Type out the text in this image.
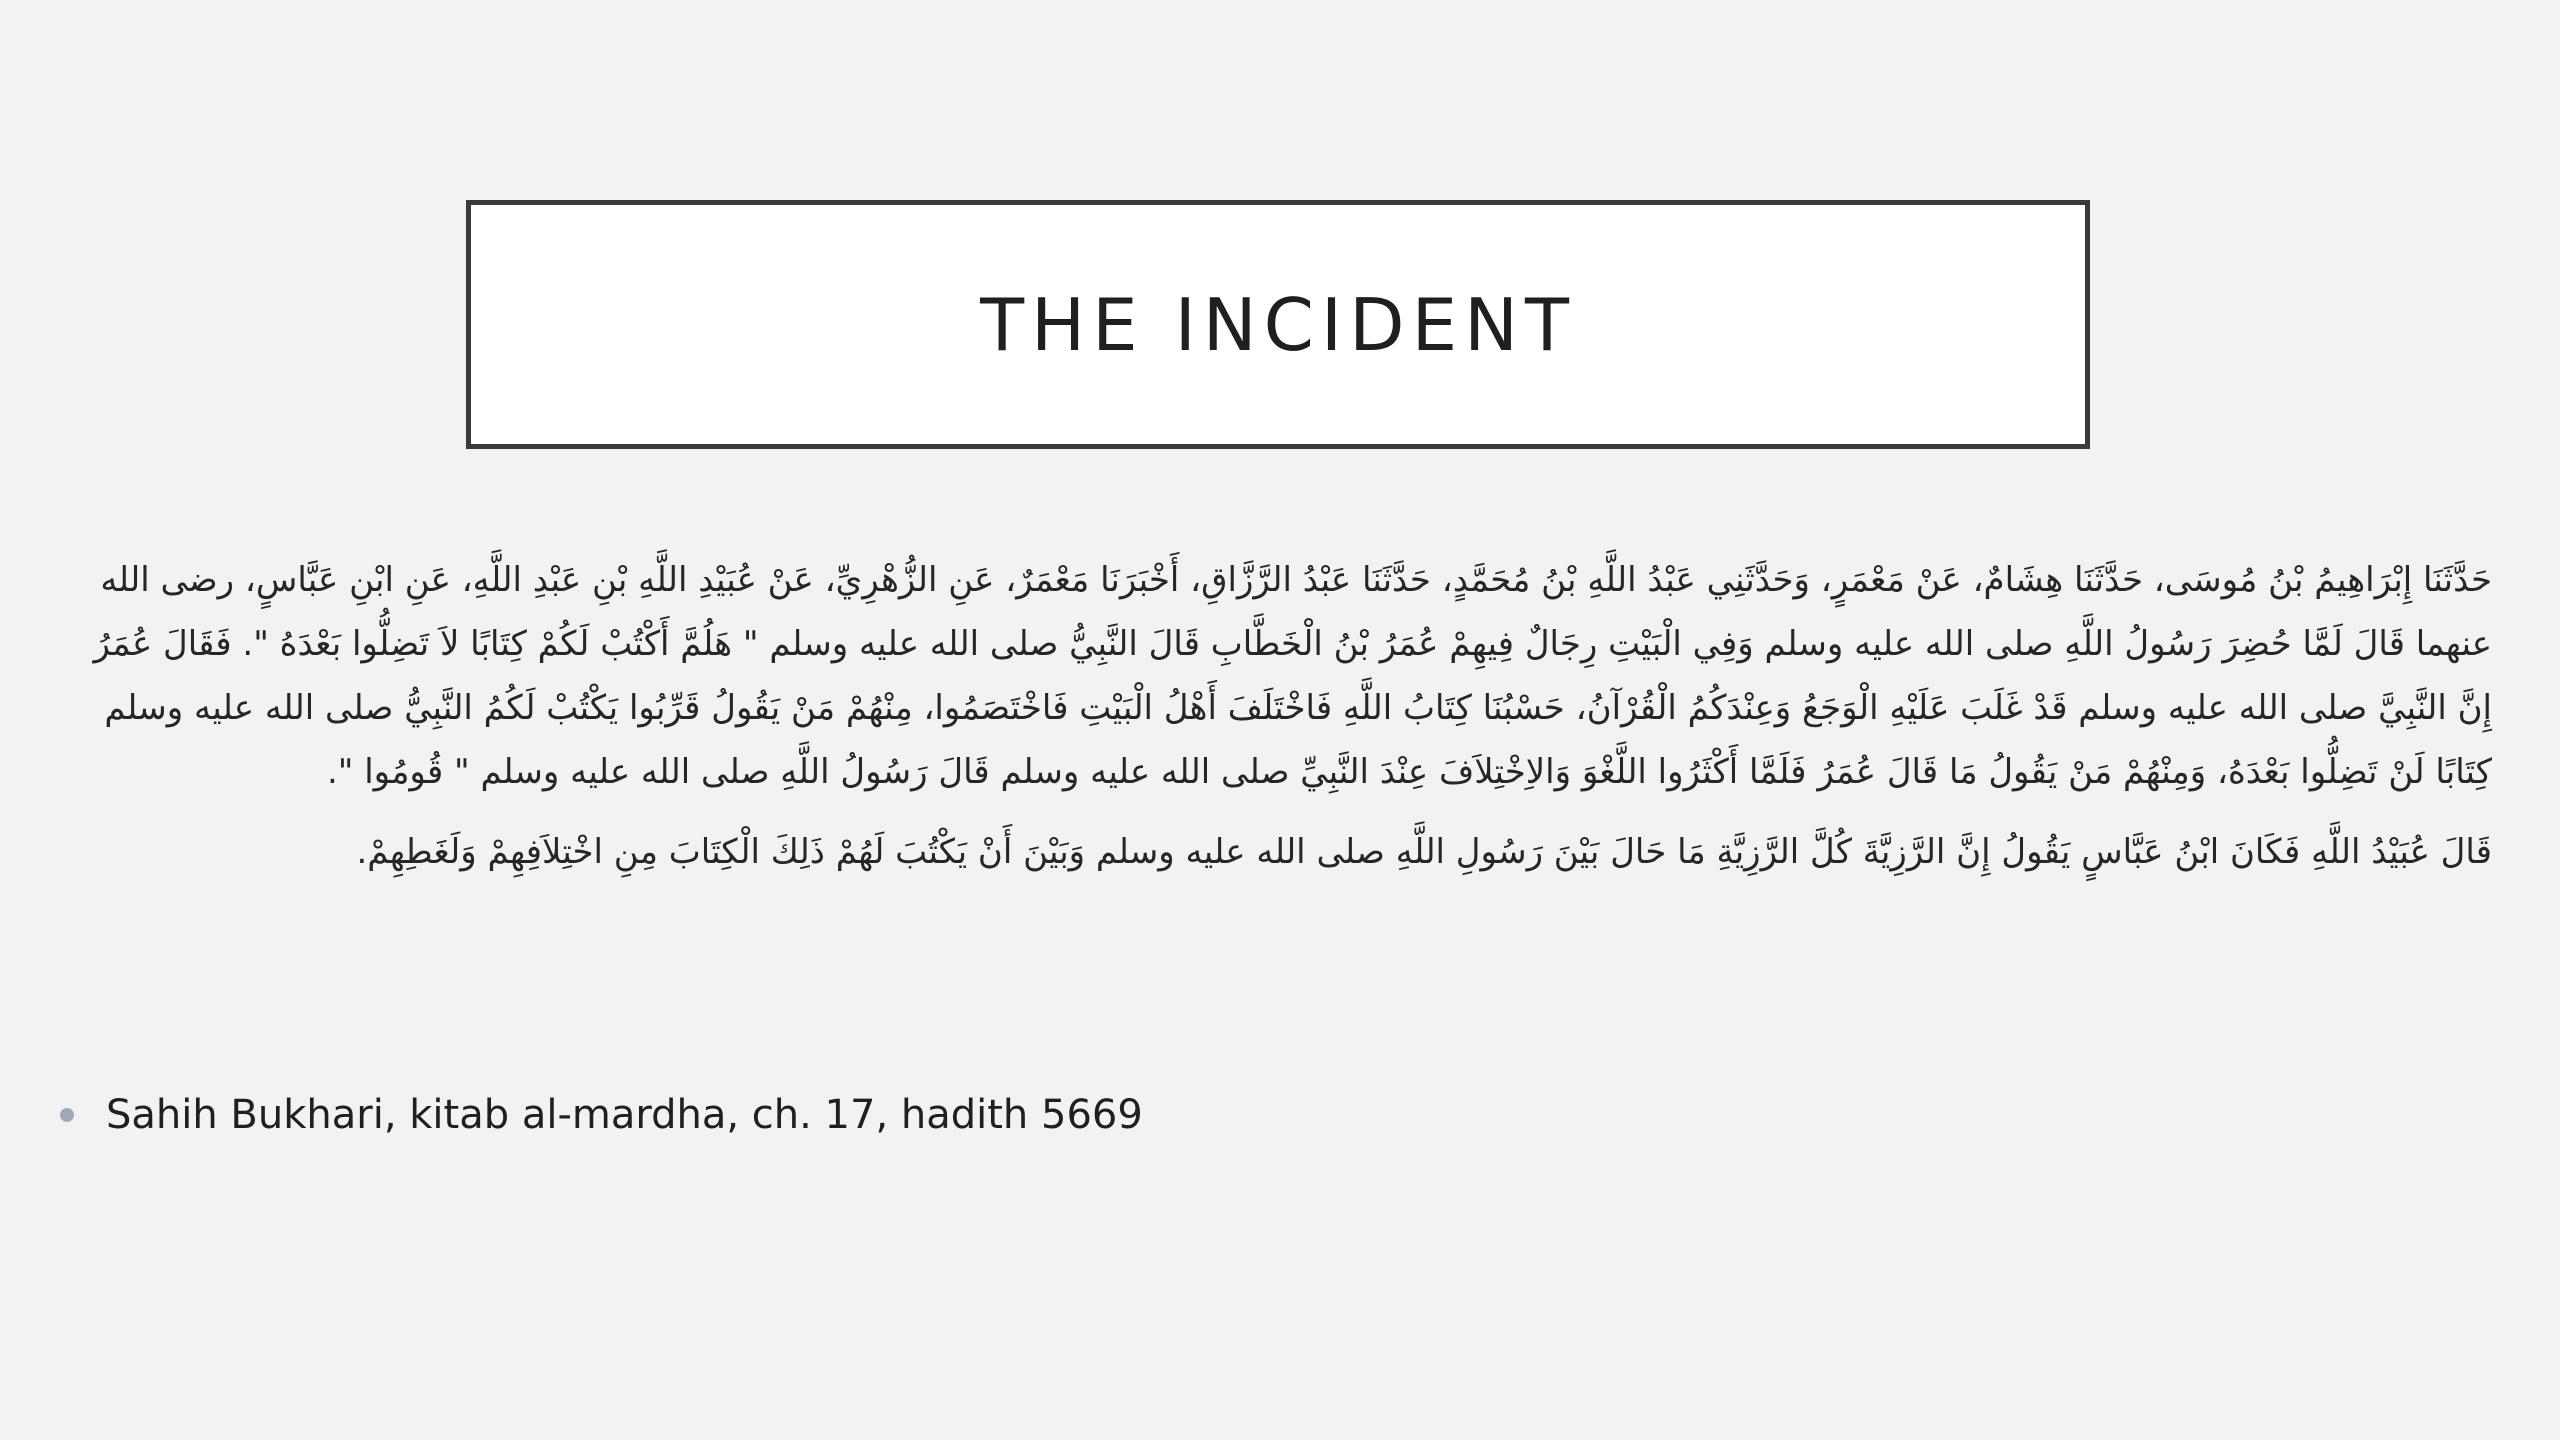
THE INCIDENT

حَدَّثَنَا إِبْرَاهِيمُ بْنُ مُوسَى، حَدَّثَنَا هِشَامٌ، عَنْ مَعْمَرٍ، وَحَدَّثَنِي عَبْدُ اللَّهِ بْنُ مُحَمَّدٍ، حَدَّثَنَا عَبْدُ الرَّزَّاقِ، أَخْبَرَنَا مَعْمَرٌ، عَنِ الزُّهْرِيِّ، عَنْ عُبَيْدِ اللَّهِ بْنِ عَبْدِ اللَّهِ، عَنِ ابْنِ عَبَّاسٍ، رضى الله عنهما قَالَ لَمَّا حُضِرَ رَسُولُ اللَّهِ صلى الله عليه وسلم وَفِي الْبَيْتِ رِجَالٌ فِيهِمْ عُمَرُ بْنُ الْخَطَّابِ قَالَ النَّبِيُّ صلى الله عليه وسلم " هَلُمَّ أَكْتُبْ لَكُمْ كِتَابًا لاَ تَضِلُّوا بَعْدَهُ ". فَقَالَ عُمَرُ إِنَّ النَّبِيَّ صلى الله عليه وسلم قَدْ غَلَبَ عَلَيْهِ الْوَجَعُ وَعِنْدَكُمُ الْقُرْآنُ، حَسْبُنَا كِتَابُ اللَّهِ فَاخْتَلَفَ أَهْلُ الْبَيْتِ فَاخْتَصَمُوا، مِنْهُمْ مَنْ يَقُولُ قَرِّبُوا يَكْتُبْ لَكُمُ النَّبِيُّ صلى الله عليه وسلم كِتَابًا لَنْ تَضِلُّوا بَعْدَهُ، وَمِنْهُمْ مَنْ يَقُولُ مَا قَالَ عُمَرُ فَلَمَّا أَكْثَرُوا اللَّغْوَ وَالاِخْتِلاَفَ عِنْدَ النَّبِيِّ صلى الله عليه وسلم قَالَ رَسُولُ اللَّهِ صلى الله عليه وسلم " قُومُوا ".

قَالَ عُبَيْدُ اللَّهِ فَكَانَ ابْنُ عَبَّاسٍ يَقُولُ إِنَّ الرَّزِيَّةَ كُلَّ الرَّزِيَّةِ مَا حَالَ بَيْنَ رَسُولِ اللَّهِ صلى الله عليه وسلم وَبَيْنَ أَنْ يَكْتُبَ لَهُمْ ذَلِكَ الْكِتَابَ مِنِ اخْتِلاَفِهِمْ وَلَغَطِهِمْ.

Sahih Bukhari, kitab al-mardha, ch. 17, hadith 5669
